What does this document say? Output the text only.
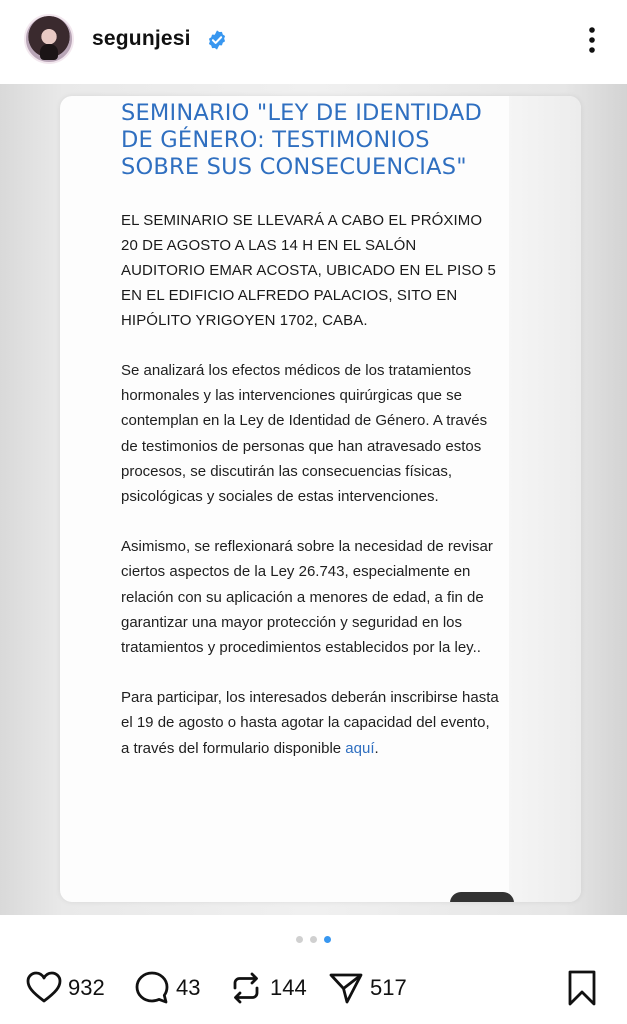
segunjesi
SEMINARIO "LEY DE IDENTIDAD DE GÉNERO: TESTIMONIOS SOBRE SUS CONSECUENCIAS"
EL SEMINARIO SE LLEVARÁ A CABO EL PRÓXIMO 20 DE AGOSTO A LAS 14 H EN EL SALÓN AUDITORIO EMAR ACOSTA, UBICADO EN EL PISO 5 EN EL EDIFICIO ALFREDO PALACIOS, SITO EN HIPÓLITO YRIGOYEN 1702, CABA.
Se analizará los efectos médicos de los tratamientos hormonales y las intervenciones quirúrgicas que se contemplan en la Ley de Identidad de Género. A través de testimonios de personas que han atravesado estos procesos, se discutirán las consecuencias físicas, psicológicas y sociales de estas intervenciones.
Asimismo, se reflexionará sobre la necesidad de revisar ciertos aspectos de la Ley 26.743, especialmente en relación con su aplicación a menores de edad, a fin de garantizar una mayor protección y seguridad en los tratamientos y procedimientos establecidos por la ley..
Para participar, los interesados deberán inscribirse hasta el 19 de agosto o hasta agotar la capacidad del evento, a través del formulario disponible aquí.
932	43	144	517
